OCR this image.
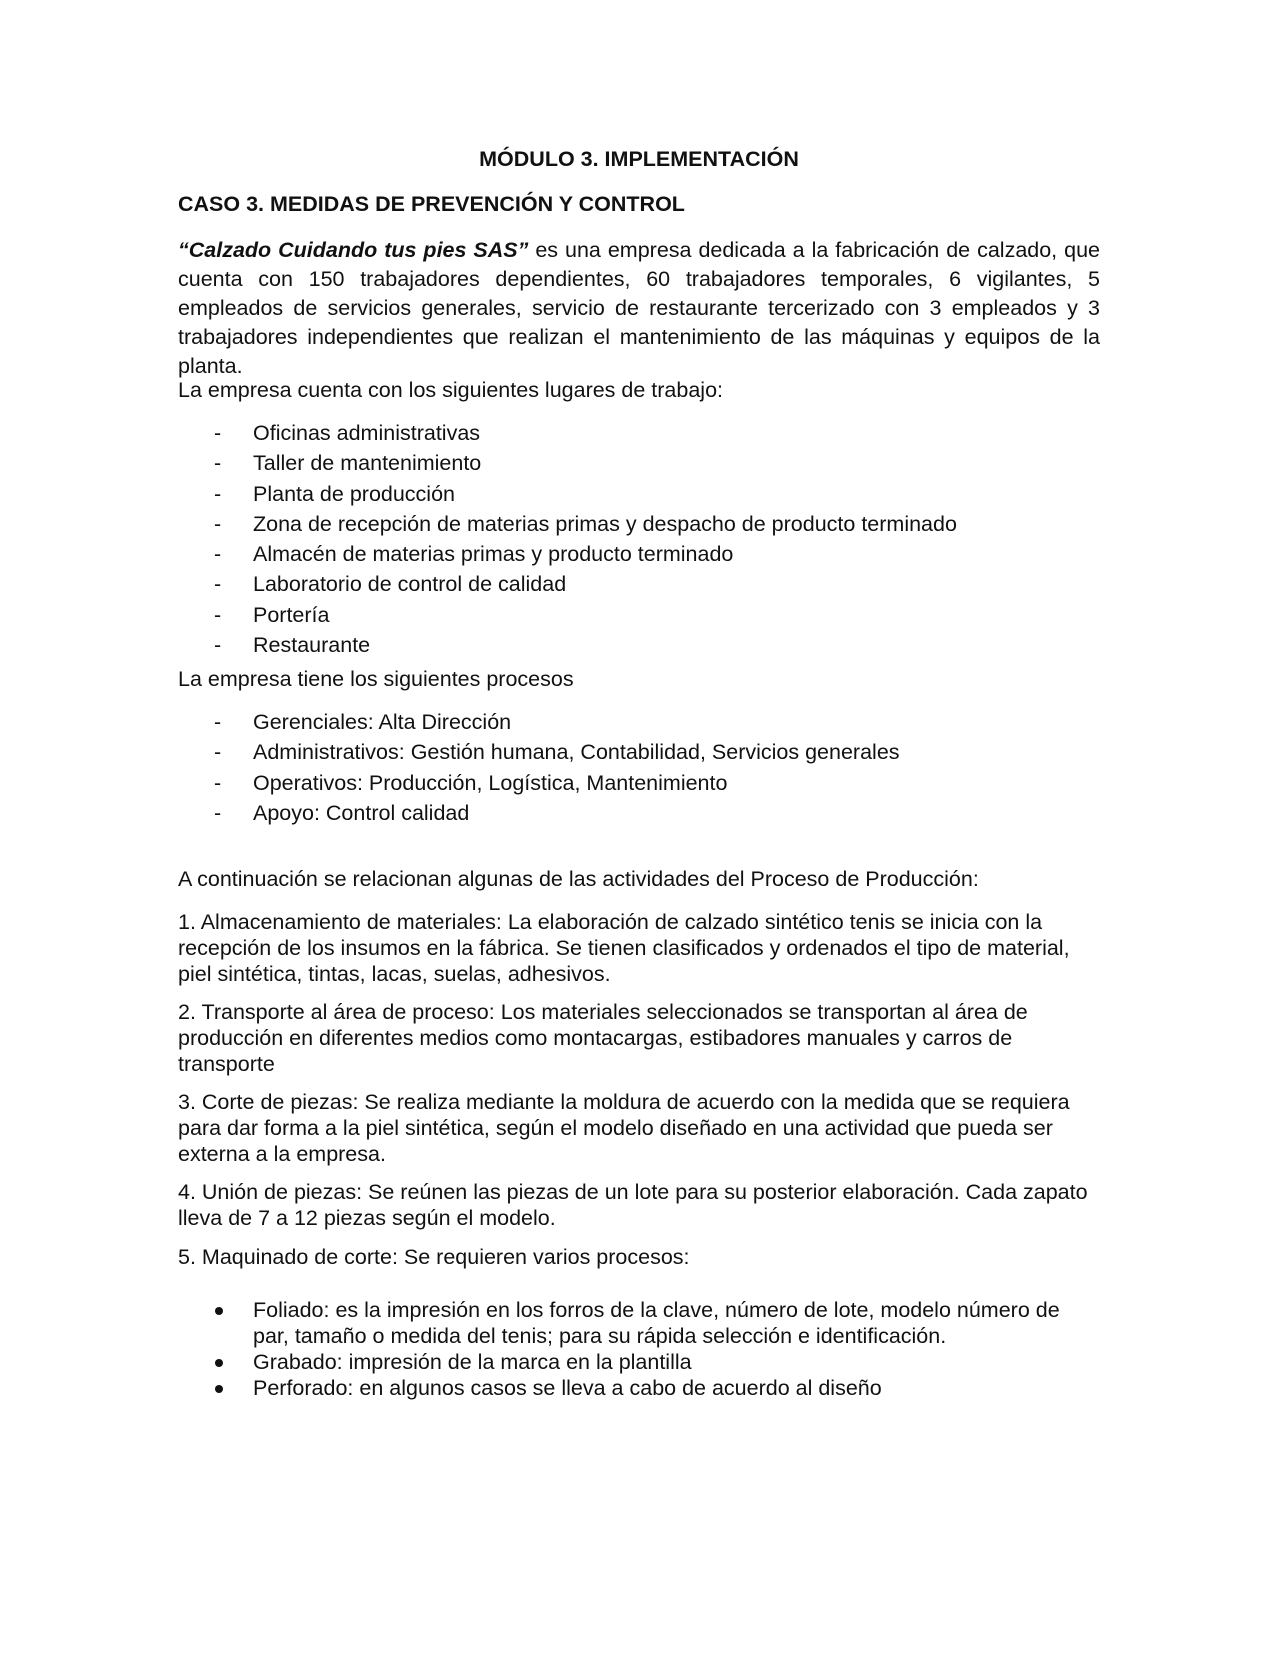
MÓDULO 3. IMPLEMENTACIÓN
CASO 3. MEDIDAS DE PREVENCIÓN Y CONTROL
“Calzado Cuidando tus pies SAS” es una empresa dedicada a la fabricación de calzado, que cuenta con 150 trabajadores dependientes, 60 trabajadores temporales, 6 vigilantes, 5 empleados de servicios generales, servicio de restaurante tercerizado con 3 empleados y 3 trabajadores independientes que realizan el mantenimiento de las máquinas y equipos de la planta.
La empresa cuenta con los siguientes lugares de trabajo:
- Oficinas administrativas
- Taller de mantenimiento
- Planta de producción
- Zona de recepción de materias primas y despacho de producto terminado
- Almacén de materias primas y producto terminado
- Laboratorio de control de calidad
- Portería
- Restaurante
La empresa tiene los siguientes procesos
- Gerenciales: Alta Dirección
- Administrativos: Gestión humana, Contabilidad, Servicios generales
- Operativos: Producción, Logística, Mantenimiento
- Apoyo: Control calidad
A continuación se relacionan algunas de las actividades del Proceso de Producción:
1. Almacenamiento de materiales: La elaboración de calzado sintético tenis se inicia con la recepción de los insumos en la fábrica. Se tienen clasificados y ordenados el tipo de material, piel sintética, tintas, lacas, suelas, adhesivos.
2. Transporte al área de proceso: Los materiales seleccionados se transportan al área de producción en diferentes medios como montacargas, estibadores manuales y carros de transporte
3. Corte de piezas: Se realiza mediante la moldura de acuerdo con la medida que se requiera para dar forma a la piel sintética, según el modelo diseñado en una actividad que pueda ser externa a la empresa.
4. Unión de piezas: Se reúnen las piezas de un lote para su posterior elaboración. Cada zapato lleva de 7 a 12 piezas según el modelo.
5. Maquinado de corte: Se requieren varios procesos:
Foliado: es la impresión en los forros de la clave, número de lote, modelo número de par, tamaño o medida del tenis; para su rápida selección e identificación.
Grabado: impresión de la marca en la plantilla
Perforado: en algunos casos se lleva a cabo de acuerdo al diseño
